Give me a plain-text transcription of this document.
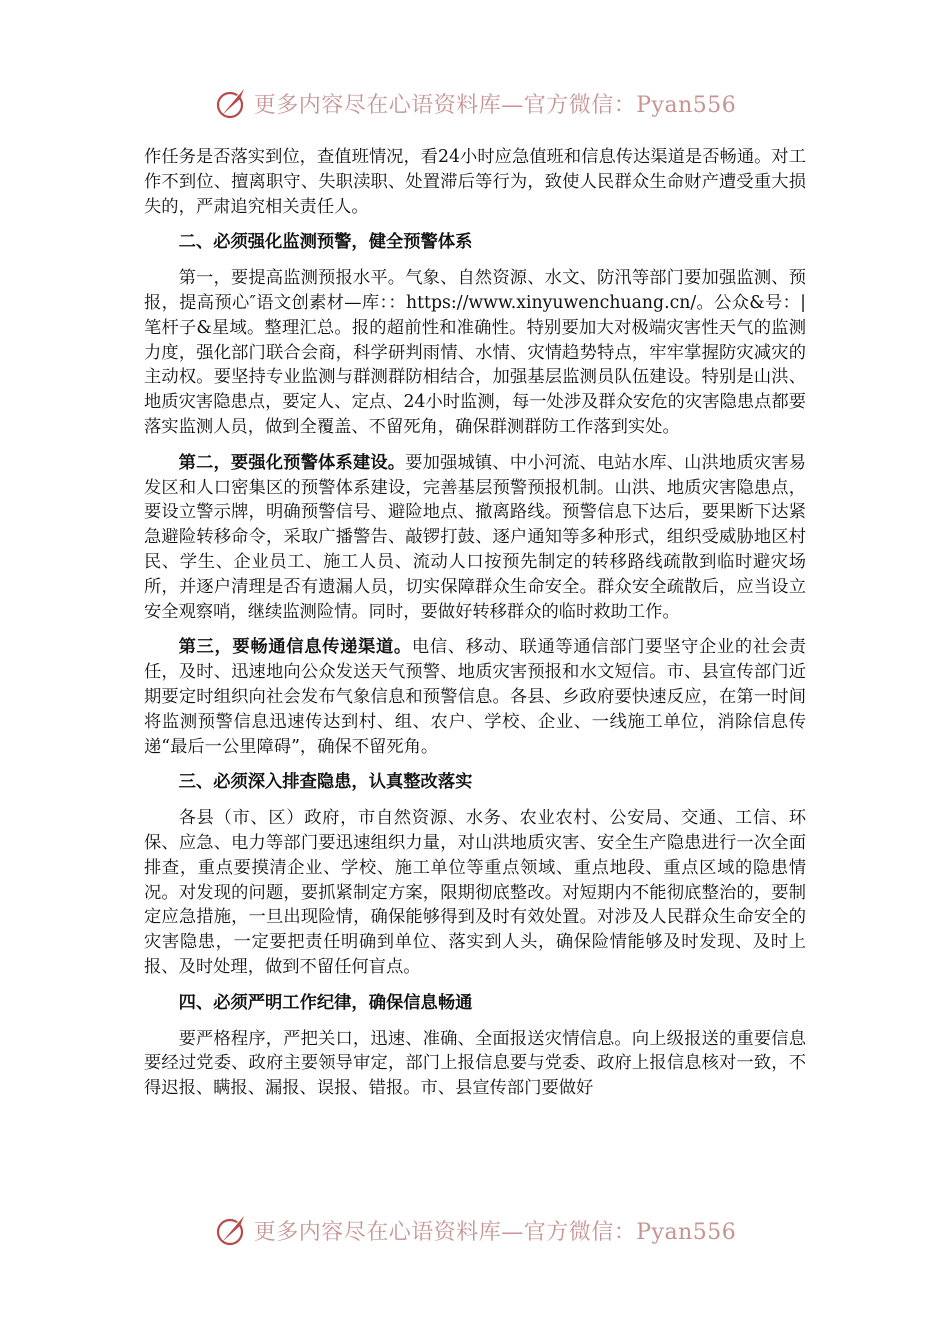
更多内容尽在心语资料库—官方微信：Pyan556

作任务是否落实到位，查值班情况，看24小时应急值班和信息传达渠道是否畅通。对工作不到位、擅离职守、失职渎职、处置滞后等行为，致使人民群众生命财产遭受重大损失的，严肃追究相关责任人。

二、必须强化监测预警，健全预警体系

第一，要提高监测预报水平。气象、自然资源、水文、防汛等部门要加强监测、预报，提高预心″语文创素材—库：：https://www.xinyuwenchuang.cn/。公众&号：|笔杆子&星域。整理汇总。报的超前性和准确性。特别要加大对极端灾害性天气的监测力度，强化部门联合会商，科学研判雨情、水情、灾情趋势特点，牢牢掌握防灾减灾的主动权。要坚持专业监测与群测群防相结合，加强基层监测员队伍建设。特别是山洪、地质灾害隐患点，要定人、定点、24小时监测，每一处涉及群众安危的灾害隐患点都要落实监测人员，做到全覆盖、不留死角，确保群测群防工作落到实处。

第二，要强化预警体系建设。要加强城镇、中小河流、电站水库、山洪地质灾害易发区和人口密集区的预警体系建设，完善基层预警预报机制。山洪、地质灾害隐患点，要设立警示牌，明确预警信号、避险地点、撤离路线。预警信息下达后，要果断下达紧急避险转移命令，采取广播警告、敲锣打鼓、逐户通知等多种形式，组织受威胁地区村民、学生、企业员工、施工人员、流动人口按预先制定的转移路线疏散到临时避灾场所，并逐户清理是否有遗漏人员，切实保障群众生命安全。群众安全疏散后，应当设立安全观察哨，继续监测险情。同时，要做好转移群众的临时救助工作。

第三，要畅通信息传递渠道。电信、移动、联通等通信部门要坚守企业的社会责任，及时、迅速地向公众发送天气预警、地质灾害预报和水文短信。市、县宣传部门近期要定时组织向社会发布气象信息和预警信息。各县、乡政府要快速反应，在第一时间将监测预警信息迅速传达到村、组、农户、学校、企业、一线施工单位，消除信息传递“最后一公里障碍”，确保不留死角。

三、必须深入排查隐患，认真整改落实

各县（市、区）政府，市自然资源、水务、农业农村、公安局、交通、工信、环保、应急、电力等部门要迅速组织力量，对山洪地质灾害、安全生产隐患进行一次全面排查，重点要摸清企业、学校、施工单位等重点领域、重点地段、重点区域的隐患情况。对发现的问题，要抓紧制定方案，限期彻底整改。对短期内不能彻底整治的，要制定应急措施，一旦出现险情，确保能够得到及时有效处置。对涉及人民群众生命安全的灾害隐患，一定要把责任明确到单位、落实到人头，确保险情能够及时发现、及时上报、及时处理，做到不留任何盲点。

四、必须严明工作纪律，确保信息畅通

要严格程序，严把关口，迅速、准确、全面报送灾情信息。向上级报送的重要信息要经过党委、政府主要领导审定，部门上报信息要与党委、政府上报信息核对一致，不得迟报、瞒报、漏报、误报、错报。市、县宣传部门要做好

更多内容尽在心语资料库—官方微信：Pyan556
